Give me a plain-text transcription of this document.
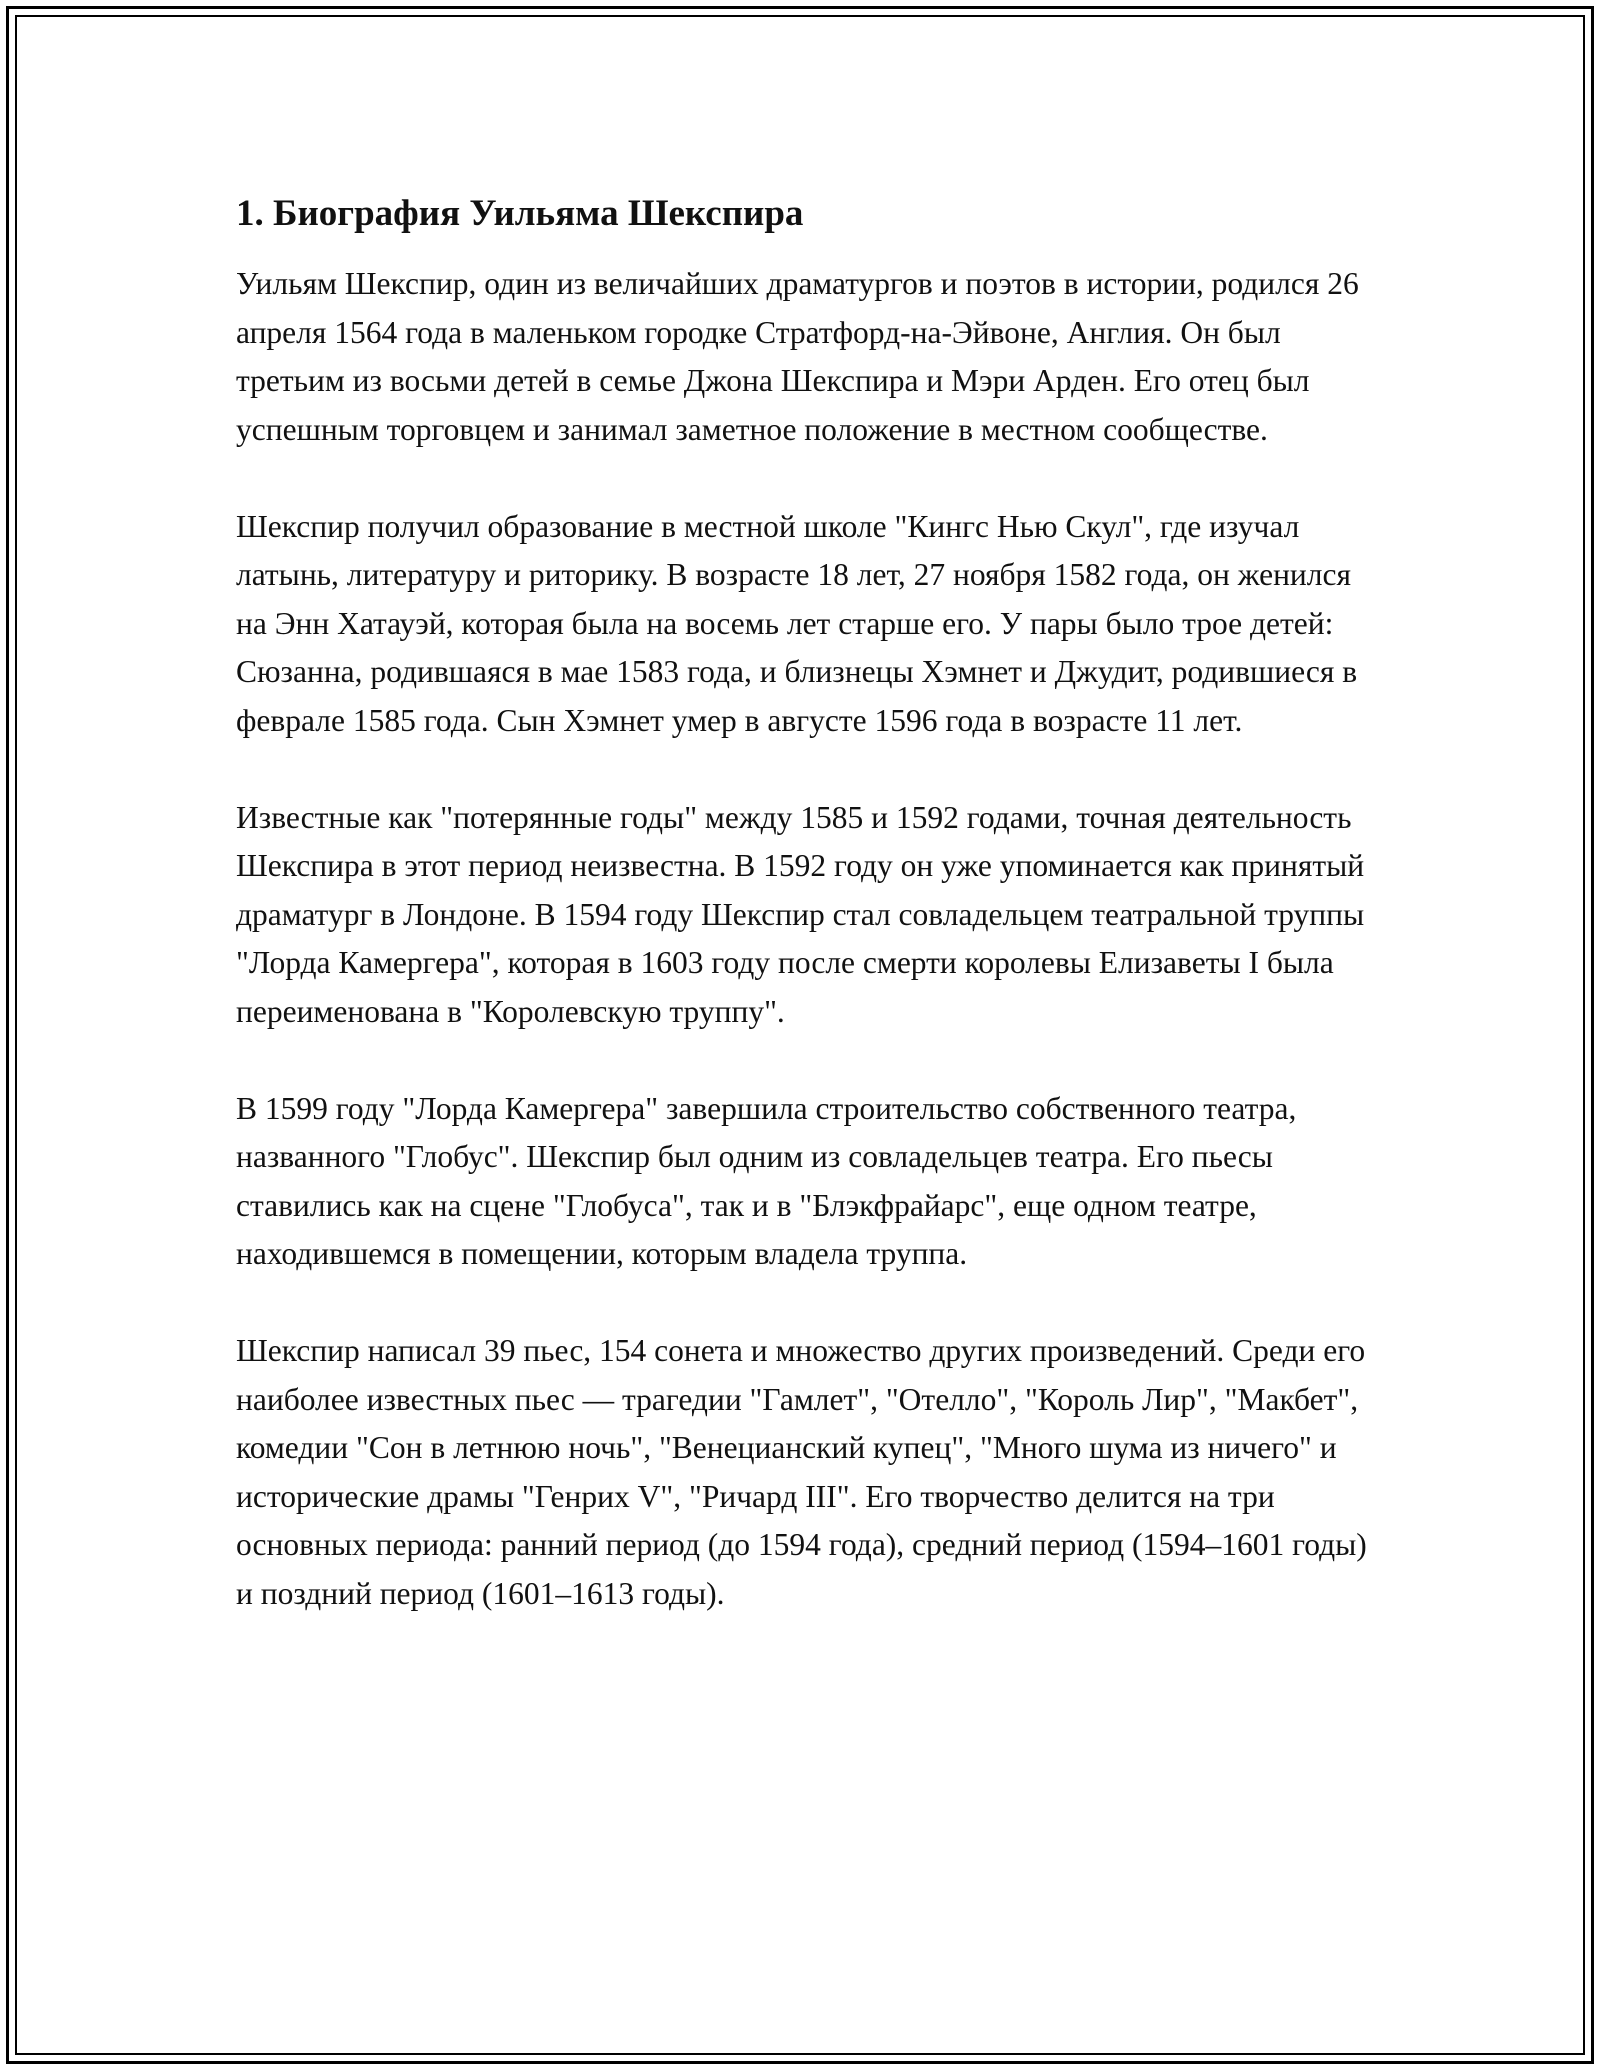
1. Биография Уильяма Шекспира

Уильям Шекспир, один из величайших драматургов и поэтов в истории, родился 26 апреля 1564 года в маленьком городке Стратфорд-на-Эйвоне, Англия. Он был третьим из восьми детей в семье Джона Шекспира и Мэри Арден. Его отец был успешным торговцем и занимал заметное положение в местном сообществе.

Шекспир получил образование в местной школе "Кингс Нью Скул", где изучал латынь, литературу и риторику. В возрасте 18 лет, 27 ноября 1582 года, он женился на Энн Хатауэй, которая была на восемь лет старше его. У пары было трое детей: Сюзанна, родившаяся в мае 1583 года, и близнецы Хэмнет и Джудит, родившиеся в феврале 1585 года. Сын Хэмнет умер в августе 1596 года в возрасте 11 лет.

Известные как "потерянные годы" между 1585 и 1592 годами, точная деятельность Шекспира в этот период неизвестна. В 1592 году он уже упоминается как принятый драматург в Лондоне. В 1594 году Шекспир стал совладельцем театральной труппы "Лорда Камергера", которая в 1603 году после смерти королевы Елизаветы I была переименована в "Королевскую труппу".

В 1599 году "Лорда Камергера" завершила строительство собственного театра, названного "Глобус". Шекспир был одним из совладельцев театра. Его пьесы ставились как на сцене "Глобуса", так и в "Блэкфрайарс", еще одном театре, находившемся в помещении, которым владела труппа.

Шекспир написал 39 пьес, 154 сонета и множество других произведений. Среди его наиболее известных пьес — трагедии "Гамлет", "Отелло", "Король Лир", "Макбет", комедии "Сон в летнюю ночь", "Венецианский купец", "Много шума из ничего" и исторические драмы "Генрих V", "Ричард III". Его творчество делится на три основных периода: ранний период (до 1594 года), средний период (1594–1601 годы) и поздний период (1601–1613 годы).
